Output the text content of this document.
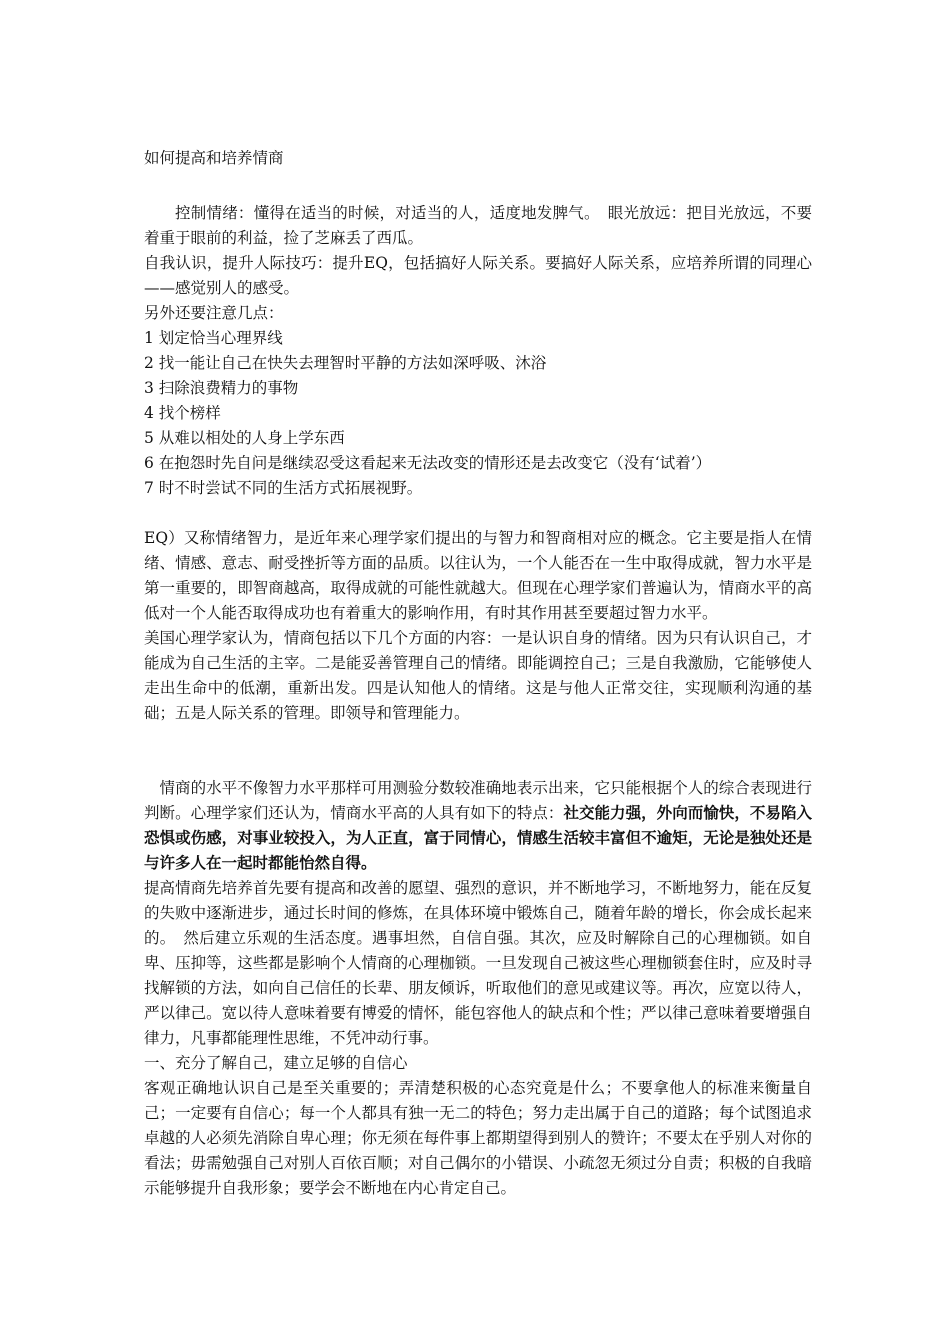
如何提高和培养情商

控制情绪：懂得在适当的时候，对适当的人，适度地发脾气。　眼光放远：把目光放远，不要着重于眼前的利益，捡了芝麻丢了西瓜。

自我认识，提升人际技巧：提升EQ，包括搞好人际关系。要搞好人际关系，应培养所谓的同理心——感觉别人的感受。

另外还要注意几点：

1 划定恰当心理界线

2 找一能让自己在快失去理智时平静的方法如深呼吸、沐浴

3 扫除浪费精力的事物

4 找个榜样

5 从难以相处的人身上学东西

6 在抱怨时先自问是继续忍受这看起来无法改变的情形还是去改变它（没有‘试着’）

7 时不时尝试不同的生活方式拓展视野。

EQ）又称情绪智力，是近年来心理学家们提出的与智力和智商相对应的概念。它主要是指人在情绪、情感、意志、耐受挫折等方面的品质。以往认为，一个人能否在一生中取得成就，智力水平是第一重要的，即智商越高，取得成就的可能性就越大。但现在心理学家们普遍认为，情商水平的高低对一个人能否取得成功也有着重大的影响作用，有时其作用甚至要超过智力水平。

美国心理学家认为，情商包括以下几个方面的内容：一是认识自身的情绪。因为只有认识自己，才能成为自己生活的主宰。二是能妥善管理自己的情绪。即能调控自己；三是自我激励，它能够使人走出生命中的低潮，重新出发。四是认知他人的情绪。这是与他人正常交往，实现顺利沟通的基础；五是人际关系的管理。即领导和管理能力。

情商的水平不像智力水平那样可用测验分数较准确地表示出来，它只能根据个人的综合表现进行判断。心理学家们还认为，情商水平高的人具有如下的特点：社交能力强，外向而愉快，不易陷入恐惧或伤感，对事业较投入，为人正直，富于同情心，情感生活较丰富但不逾矩，无论是独处还是与许多人在一起时都能怡然自得。

提高情商先培养首先要有提高和改善的愿望、强烈的意识，并不断地学习，不断地努力，能在反复的失败中逐渐进步，通过长时间的修炼，在具体环境中锻炼自己，随着年龄的增长，你会成长起来的。　然后建立乐观的生活态度。遇事坦然，自信自强。其次，应及时解除自己的心理枷锁。如自卑、压抑等，这些都是影响个人情商的心理枷锁。一旦发现自己被这些心理枷锁套住时，应及时寻找解锁的方法，如向自己信任的长辈、朋友倾诉，听取他们的意见或建议等。再次，应宽以待人，严以律己。宽以待人意味着要有博爱的情怀，能包容他人的缺点和个性；严以律己意味着要增强自律力，凡事都能理性思维，不凭冲动行事。

一、充分了解自己，建立足够的自信心

客观正确地认识自己是至关重要的；弄清楚积极的心态究竟是什么；不要拿他人的标准来衡量自己；一定要有自信心；每一个人都具有独一无二的特色；努力走出属于自己的道路；每个试图追求卓越的人必须先消除自卑心理；你无须在每件事上都期望得到别人的赞许；不要太在乎别人对你的看法；毋需勉强自己对别人百依百顺；对自己偶尔的小错误、小疏忽无须过分自责；积极的自我暗示能够提升自我形象；要学会不断地在内心肯定自己。
